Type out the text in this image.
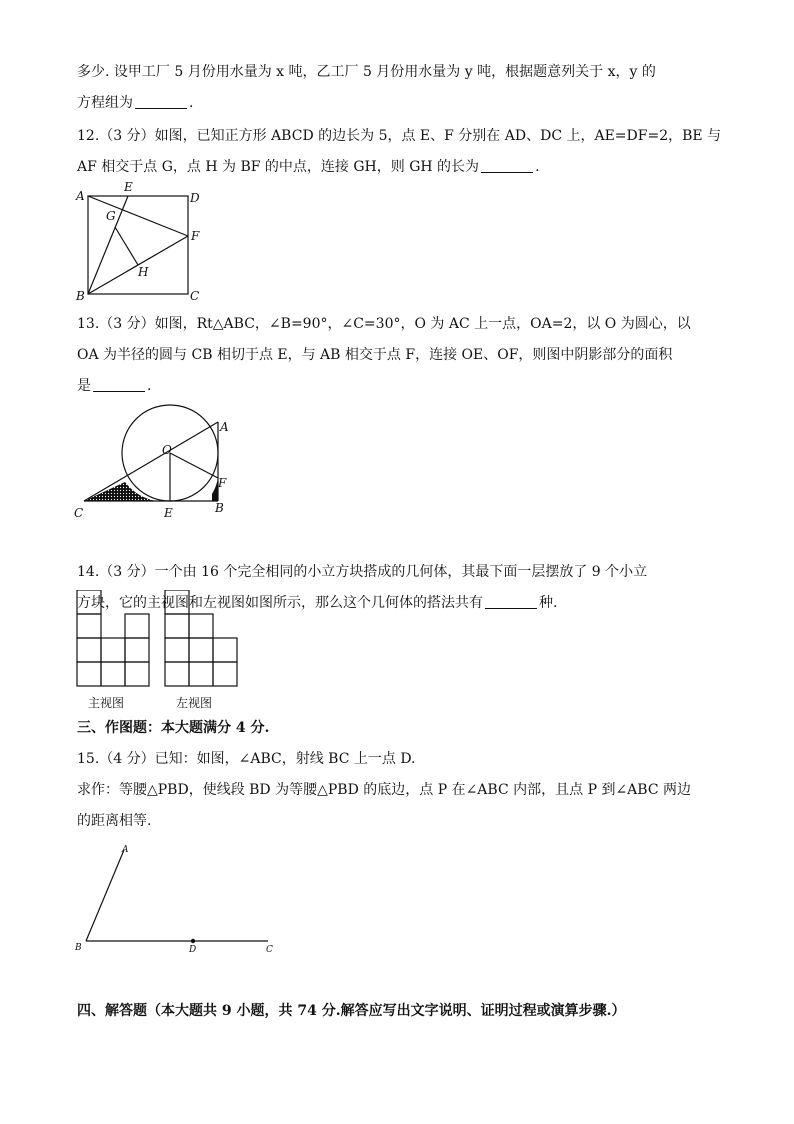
多少. 设甲工厂 5 月份用水量为 x 吨，乙工厂 5 月份用水量为 y 吨，根据题意列关于 x，y 的
方程组为	.
12.（3 分）如图，已知正方形 ABCD 的边长为 5，点 E、F 分别在 AD、DC 上，AE=DF=2，BE 与
AF 相交于点 G，点 H 为 BF 的中点，连接 GH，则 GH 的长为	.
A
E
D
G
F
H
B	C
13.（3 分）如图，Rt△ABC，∠B=90°，∠C=30°，O 为 AC 上一点，OA=2，以 O 为圆心，以
OA 为半径的圆与 CB 相切于点 E，与 AB 相交于点 F，连接 OE、OF，则图中阴影部分的面积
是	.
A
O
F
C	E	B
14.（3 分）一个由 16 个完全相同的小立方块搭成的几何体，其最下面一层摆放了 9 个小立
方块，它的主视图和左视图如图所示，那么这个几何体的搭法共有	种.
主视图	左视图
三、作图题：本大题满分 4 分.
15.（4 分）已知：如图，∠ABC，射线 BC 上一点 D.
求作：等腰△PBD，使线段 BD 为等腰△PBD 的底边，点 P 在∠ABC 内部，且点 P 到∠ABC 两边
的距离相等.
A
B	D	C
四、解答题（本大题共 9 小题，共 74 分.解答应写出文字说明、证明过程或演算步骤.）
